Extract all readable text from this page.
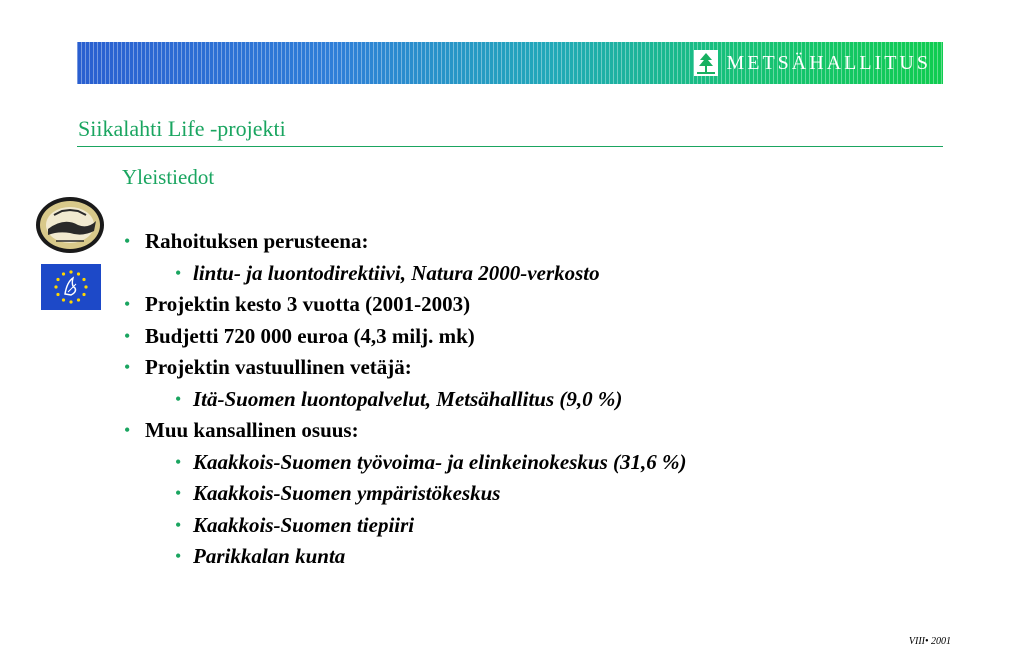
METSÄHALLITUS
Siikalahti Life -projekti
Yleistiedot
• Rahoituksen perusteena:
• lintu- ja luontodirektiivi, Natura 2000-verkosto
• Projektin kesto 3 vuotta (2001-2003)
• Budjetti 720 000 euroa (4,3 milj. mk)
• Projektin vastuullinen vetäjä:
• Itä-Suomen luontopalvelut, Metsähallitus (9,0 %)
• Muu kansallinen osuus:
• Kaakkois-Suomen työvoima- ja elinkeinokeskus (31,6 %)
• Kaakkois-Suomen ympäristökeskus
• Kaakkois-Suomen tiepiiri
• Parikkalan kunta
VIII• 2001
